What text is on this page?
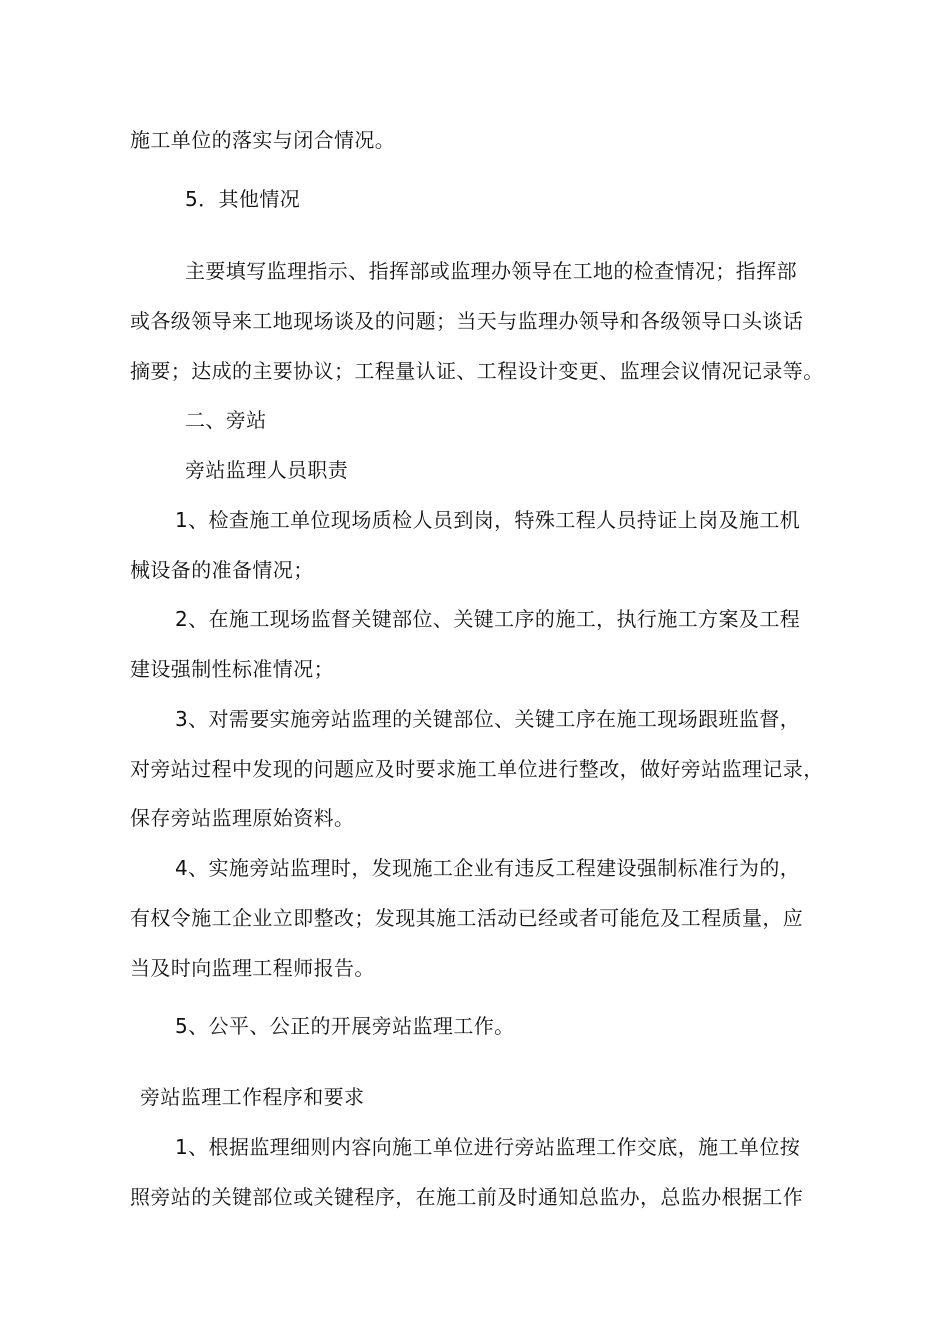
施工单位的落实与闭合情况。
5．其他情况
主要填写监理指示、指挥部或监理办领导在工地的检查情况；指挥部
或各级领导来工地现场谈及的问题；当天与监理办领导和各级领导口头谈话
摘要；达成的主要协议；工程量认证、工程设计变更、监理会议情况记录等。
二、旁站
旁站监理人员职责
1、检查施工单位现场质检人员到岗，特殊工程人员持证上岗及施工机
械设备的准备情况；
2、在施工现场监督关键部位、关键工序的施工，执行施工方案及工程
建设强制性标准情况；
3、对需要实施旁站监理的关键部位、关键工序在施工现场跟班监督，
对旁站过程中发现的问题应及时要求施工单位进行整改，做好旁站监理记录，
保存旁站监理原始资料。
4、实施旁站监理时，发现施工企业有违反工程建设强制标准行为的，
有权令施工企业立即整改；发现其施工活动已经或者可能危及工程质量，应
当及时向监理工程师报告。
5、公平、公正的开展旁站监理工作。
旁站监理工作程序和要求
1、根据监理细则内容向施工单位进行旁站监理工作交底，施工单位按
照旁站的关键部位或关键程序，在施工前及时通知总监办，总监办根据工作
